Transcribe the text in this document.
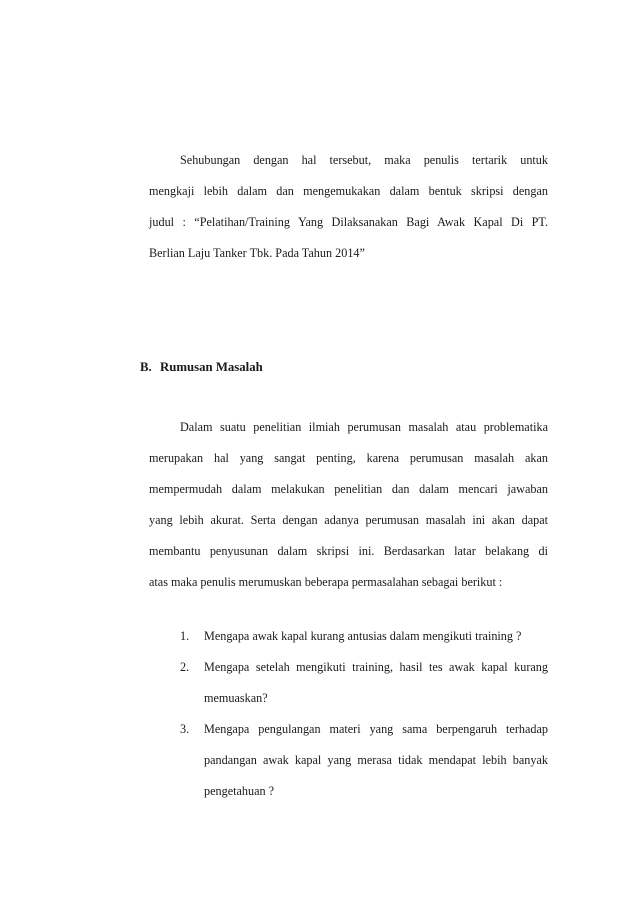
Sehubungan dengan hal tersebut, maka penulis tertarik untuk

mengkaji lebih dalam dan mengemukakan dalam bentuk skripsi dengan

judul : “Pelatihan/Training Yang Dilaksanakan Bagi Awak Kapal Di PT.

Berlian Laju Tanker Tbk. Pada Tahun 2014”

B. Rumusan Masalah

Dalam suatu penelitian ilmiah perumusan masalah atau problematika

merupakan hal yang sangat penting, karena perumusan masalah akan

mempermudah dalam melakukan penelitian dan dalam mencari jawaban

yang lebih akurat. Serta dengan adanya perumusan masalah ini akan dapat

membantu penyusunan dalam skripsi ini. Berdasarkan latar belakang di

atas maka penulis merumuskan beberapa permasalahan sebagai berikut :

1. Mengapa awak kapal kurang antusias dalam mengikuti training ?

2. Mengapa setelah mengikuti training, hasil tes awak kapal kurang

memuaskan?

3. Mengapa pengulangan materi yang sama berpengaruh terhadap

pandangan awak kapal yang merasa tidak mendapat lebih banyak

pengetahuan ?
